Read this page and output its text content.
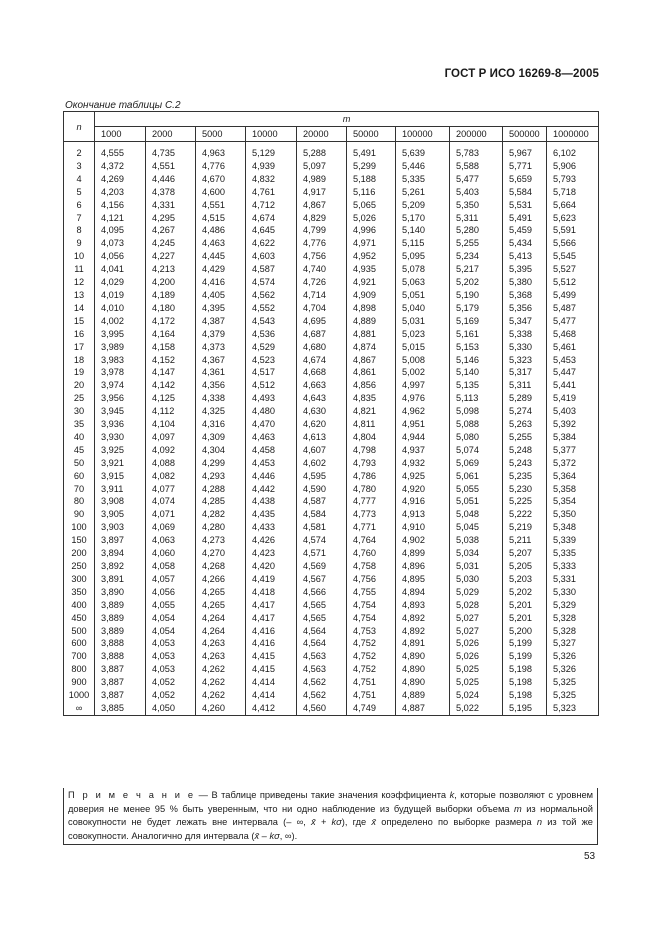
ГОСТ Р ИСО 16269-8—2005
Окончание таблицы С.2
n	m									
	1000	2000	5000	10000	20000	50000	100000	200000	500000	1000000

2	4,555	4,735	4,963	5,129	5,288	5,491	5,639	5,783	5,967	6,102
3	4,372	4,551	4,776	4,939	5,097	5,299	5,446	5,588	5,771	5,906
4	4,269	4,446	4,670	4,832	4,989	5,188	5,335	5,477	5,659	5,793
5	4,203	4,378	4,600	4,761	4,917	5,116	5,261	5,403	5,584	5,718
6	4,156	4,331	4,551	4,712	4,867	5,065	5,209	5,350	5,531	5,664
7	4,121	4,295	4,515	4,674	4,829	5,026	5,170	5,311	5,491	5,623
8	4,095	4,267	4,486	4,645	4,799	4,996	5,140	5,280	5,459	5,591
9	4,073	4,245	4,463	4,622	4,776	4,971	5,115	5,255	5,434	5,566
10	4,056	4,227	4,445	4,603	4,756	4,952	5,095	5,234	5,413	5,545
11	4,041	4,213	4,429	4,587	4,740	4,935	5,078	5,217	5,395	5,527
12	4,029	4,200	4,416	4,574	4,726	4,921	5,063	5,202	5,380	5,512
13	4,019	4,189	4,405	4,562	4,714	4,909	5,051	5,190	5,368	5,499
14	4,010	4,180	4,395	4,552	4,704	4,898	5,040	5,179	5,356	5,487
15	4,002	4,172	4,387	4,543	4,695	4,889	5,031	5,169	5,347	5,477
16	3,995	4,164	4,379	4,536	4,687	4,881	5,023	5,161	5,338	5,468
17	3,989	4,158	4,373	4,529	4,680	4,874	5,015	5,153	5,330	5,461
18	3,983	4,152	4,367	4,523	4,674	4,867	5,008	5,146	5,323	5,453
19	3,978	4,147	4,361	4,517	4,668	4,861	5,002	5,140	5,317	5,447
20	3,974	4,142	4,356	4,512	4,663	4,856	4,997	5,135	5,311	5,441
25	3,956	4,125	4,338	4,493	4,643	4,835	4,976	5,113	5,289	5,419
30	3,945	4,112	4,325	4,480	4,630	4,821	4,962	5,098	5,274	5,403
35	3,936	4,104	4,316	4,470	4,620	4,811	4,951	5,088	5,263	5,392
40	3,930	4,097	4,309	4,463	4,613	4,804	4,944	5,080	5,255	5,384
45	3,925	4,092	4,304	4,458	4,607	4,798	4,937	5,074	5,248	5,377
50	3,921	4,088	4,299	4,453	4,602	4,793	4,932	5,069	5,243	5,372
60	3,915	4,082	4,293	4,446	4,595	4,786	4,925	5,061	5,235	5,364
70	3,911	4,077	4,288	4,442	4,590	4,780	4,920	5,055	5,230	5,358
80	3,908	4,074	4,285	4,438	4,587	4,777	4,916	5,051	5,225	5,354
90	3,905	4,071	4,282	4,435	4,584	4,773	4,913	5,048	5,222	5,350
100	3,903	4,069	4,280	4,433	4,581	4,771	4,910	5,045	5,219	5,348
150	3,897	4,063	4,273	4,426	4,574	4,764	4,902	5,038	5,211	5,339
200	3,894	4,060	4,270	4,423	4,571	4,760	4,899	5,034	5,207	5,335
250	3,892	4,058	4,268	4,420	4,569	4,758	4,896	5,031	5,205	5,333
300	3,891	4,057	4,266	4,419	4,567	4,756	4,895	5,030	5,203	5,331
350	3,890	4,056	4,265	4,418	4,566	4,755	4,894	5,029	5,202	5,330
400	3,889	4,055	4,265	4,417	4,565	4,754	4,893	5,028	5,201	5,329
450	3,889	4,054	4,264	4,417	4,565	4,754	4,892	5,027	5,201	5,328
500	3,889	4,054	4,264	4,416	4,564	4,753	4,892	5,027	5,200	5,328
600	3,888	4,053	4,263	4,416	4,564	4,752	4,891	5,026	5,199	5,327
700	3,888	4,053	4,263	4,415	4,563	4,752	4,890	5,026	5,199	5,326
800	3,887	4,053	4,262	4,415	4,563	4,752	4,890	5,025	5,198	5,326
900	3,887	4,052	4,262	4,414	4,562	4,751	4,890	5,025	5,198	5,325
1000	3,887	4,052	4,262	4,414	4,562	4,751	4,889	5,024	5,198	5,325
∞	3,885	4,050	4,260	4,412	4,560	4,749	4,887	5,022	5,195	5,323
П р и м е ч а н и е — В таблице приведены такие значения коэффициента k, которые позволяют с уровнем доверия не менее 95 % быть уверенным, что ни одно наблюдение из будущей выборки объема m из нормальной совокупности не будет лежать вне интервала (– ∞, x̄ + kσ), где x̄ определено по выборке размера n из той же совокупности. Аналогично для интервала (x̄ – kσ, ∞).
53
